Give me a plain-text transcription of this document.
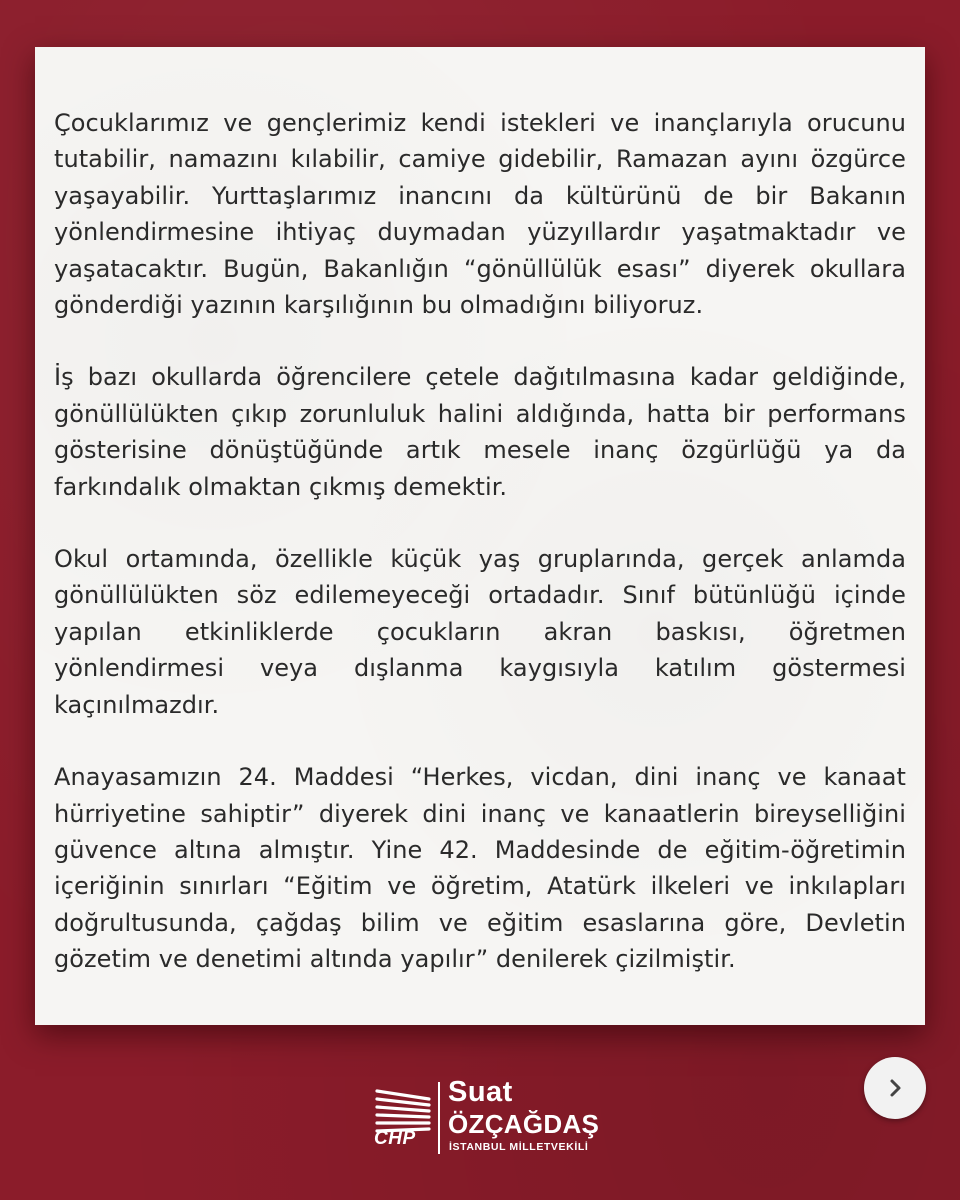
Çocuklarımız ve gençlerimiz kendi istekleri ve inançlarıyla orucunu tutabilir, namazını kılabilir, camiye gidebilir, Ramazan ayını özgürce yaşayabilir. Yurttaşlarımız inancını da kültürünü de bir Bakanın yönlendirmesine ihtiyaç duymadan yüzyıllardır yaşatmaktadır ve yaşatacaktır. Bugün, Bakanlığın “gönüllülük esası” diyerek okullara gönderdiği yazının karşılığının bu olmadığını biliyoruz.

İş bazı okullarda öğrencilere çetele dağıtılmasına kadar geldiğinde, gönüllülükten çıkıp zorunluluk halini aldığında, hatta bir performans gösterisine dönüştüğünde artık mesele inanç özgürlüğü ya da farkındalık olmaktan çıkmış demektir.

Okul ortamında, özellikle küçük yaş gruplarında, gerçek anlamda gönüllülükten söz edilemeyeceği ortadadır. Sınıf bütünlüğü içinde yapılan etkinliklerde çocukların akran baskısı, öğretmen yönlendirmesi veya dışlanma kaygısıyla katılım göstermesi kaçınılmazdır.

Anayasamızın 24. Maddesi “Herkes, vicdan, dini inanç ve kanaat hürriyetine sahiptir” diyerek dini inanç ve kanaatlerin bireyselliğini güvence altına almıştır. Yine 42. Maddesinde de eğitim-öğretimin içeriğinin sınırları “Eğitim ve öğretim, Atatürk ilkeleri ve inkılapları doğrultusunda, çağdaş bilim ve eğitim esaslarına göre, Devletin gözetim ve denetimi altında yapılır” denilerek çizilmiştir.

CHP
Suat
ÖZÇAĞDAŞ
İSTANBUL MİLLETVEKİLİ
